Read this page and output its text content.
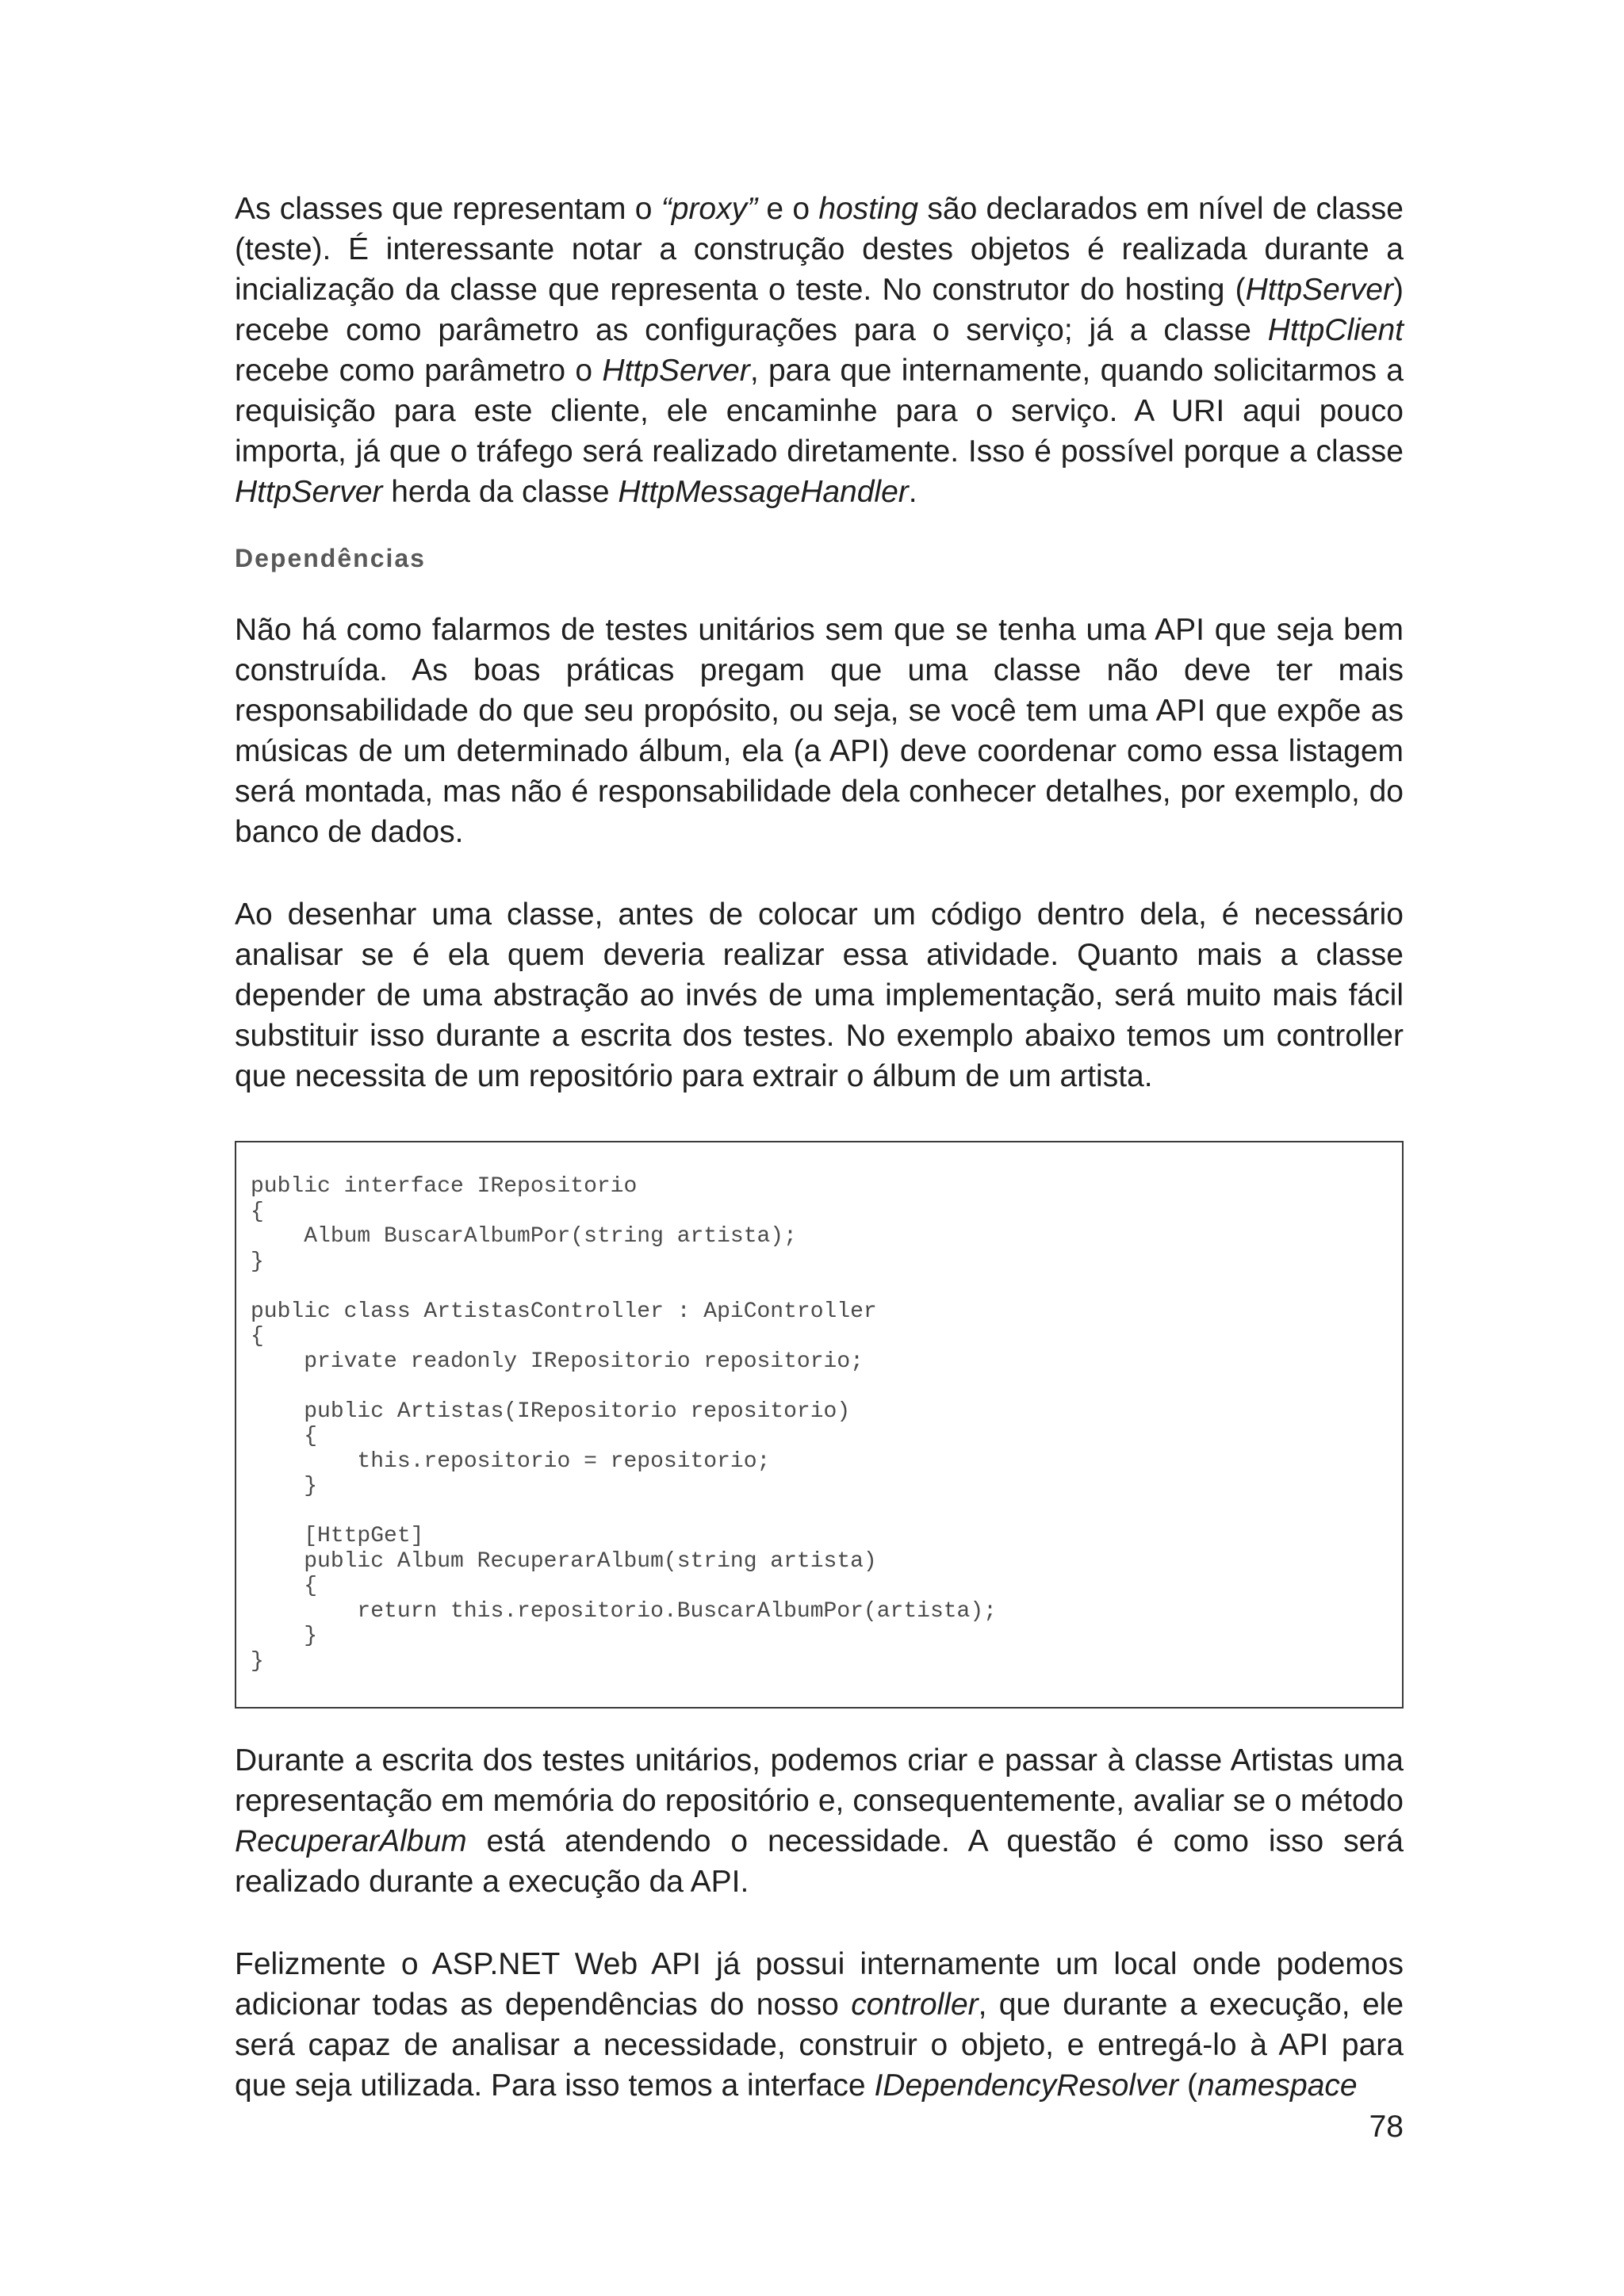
As classes que representam o “proxy” e o hosting são declarados em nível de classe (teste). É interessante notar a construção destes objetos é realizada durante a incialização da classe que representa o teste. No construtor do hosting (HttpServer) recebe como parâmetro as configurações para o serviço; já a classe HttpClient recebe como parâmetro o HttpServer, para que internamente, quando solicitarmos a requisição para este cliente, ele encaminhe para o serviço. A URI aqui pouco importa, já que o tráfego será realizado diretamente. Isso é possível porque a classe HttpServer herda da classe HttpMessageHandler.

Dependências

Não há como falarmos de testes unitários sem que se tenha uma API que seja bem construída. As boas práticas pregam que uma classe não deve ter mais responsabilidade do que seu propósito, ou seja, se você tem uma API que expõe as músicas de um determinado álbum, ela (a API) deve coordenar como essa listagem será montada, mas não é responsabilidade dela conhecer detalhes, por exemplo, do banco de dados.

Ao desenhar uma classe, antes de colocar um código dentro dela, é necessário analisar se é ela quem deveria realizar essa atividade. Quanto mais a classe depender de uma abstração ao invés de uma implementação, será muito mais fácil substituir isso durante a escrita dos testes. No exemplo abaixo temos um controller que necessita de um repositório para extrair o álbum de um artista.

public interface IRepositorio
{
Album BuscarAlbumPor(string artista);
}
public class ArtistasController : ApiController
{
private readonly IRepositorio repositorio;
public Artistas(IRepositorio repositorio)
{
this.repositorio = repositorio;
}
[HttpGet]
public Album RecuperarAlbum(string artista)
{
return this.repositorio.BuscarAlbumPor(artista);
}
}

Durante a escrita dos testes unitários, podemos criar e passar à classe Artistas uma representação em memória do repositório e, consequentemente, avaliar se o método RecuperarAlbum está atendendo o necessidade. A questão é como isso será realizado durante a execução da API.

Felizmente o ASP.NET Web API já possui internamente um local onde podemos adicionar todas as dependências do nosso controller, que durante a execução, ele será capaz de analisar a necessidade, construir o objeto, e entregá-lo à API para que seja utilizada. Para isso temos a interface IDependencyResolver (namespace

78
